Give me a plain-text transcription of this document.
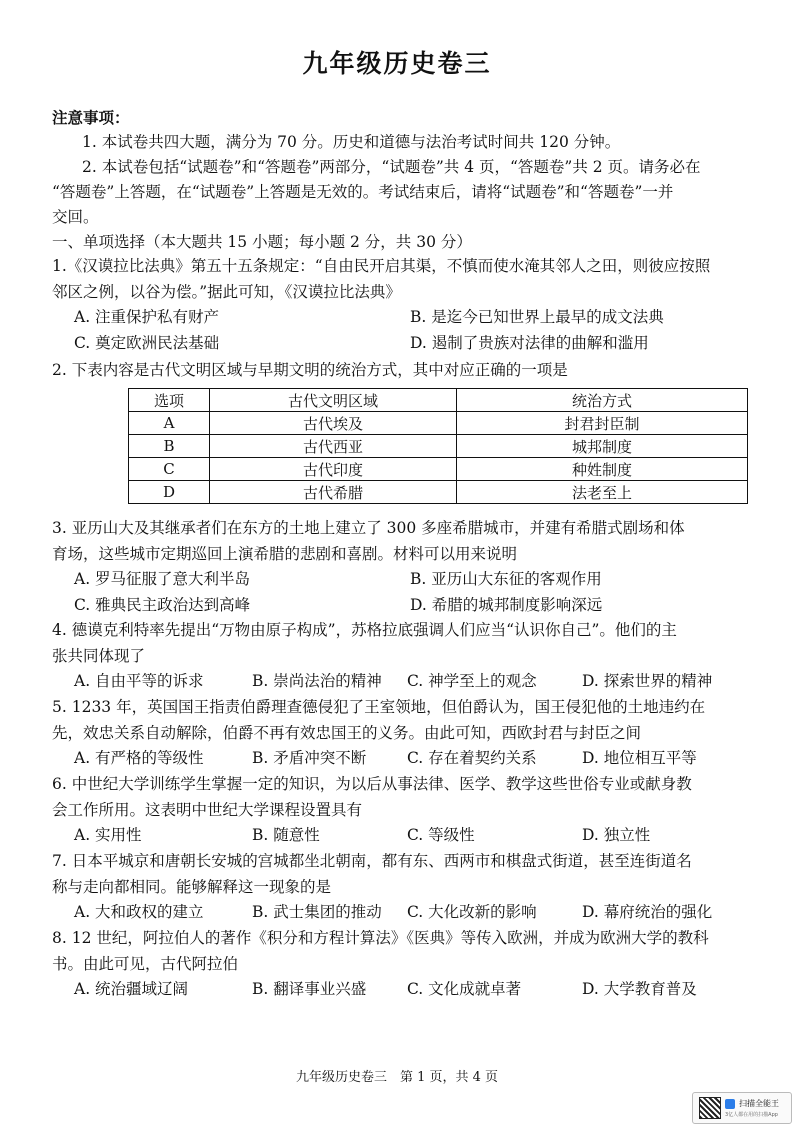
九年级历史卷三
注意事项：
1. 本试卷共四大题，满分为 70 分。历史和道德与法治考试时间共 120 分钟。
2. 本试卷包括“试题卷”和“答题卷”两部分，“试题卷”共 4 页，“答题卷”共 2 页。请务必在
“答题卷”上答题，在“试题卷”上答题是无效的。考试结束后，请将“试题卷”和“答题卷”一并
交回。
一、单项选择（本大题共 15 小题；每小题 2 分，共 30 分）
1.《汉谟拉比法典》第五十五条规定：“自由民开启其渠，不慎而使水淹其邻人之田，则彼应按照
邻区之例，以谷为偿。”据此可知，《汉谟拉比法典》
A. 注重保护私有财产	B. 是迄今已知世界上最早的成文法典
C. 奠定欧洲民法基础	D. 遏制了贵族对法律的曲解和滥用
2. 下表内容是古代文明区域与早期文明的统治方式，其中对应正确的一项是
选项	古代文明区域	统治方式
A	古代埃及	封君封臣制
B	古代西亚	城邦制度
C	古代印度	种姓制度
D	古代希腊	法老至上
3. 亚历山大及其继承者们在东方的土地上建立了 300 多座希腊城市，并建有希腊式剧场和体
育场，这些城市定期巡回上演希腊的悲剧和喜剧。材料可以用来说明
A. 罗马征服了意大利半岛	B. 亚历山大东征的客观作用
C. 雅典民主政治达到高峰	D. 希腊的城邦制度影响深远
4. 德谟克利特率先提出“万物由原子构成”，苏格拉底强调人们应当“认识你自己”。他们的主
张共同体现了
A. 自由平等的诉求	B. 崇尚法治的精神 C. 神学至上的观念	D. 探索世界的精神
5. 1233 年，英国国王指责伯爵理查德侵犯了王室领地，但伯爵认为，国王侵犯他的土地违约在
先，效忠关系自动解除，伯爵不再有效忠国王的义务。由此可知，西欧封君与封臣之间
A. 有严格的等级性	B. 矛盾冲突不断	C. 存在着契约关系	D. 地位相互平等
6. 中世纪大学训练学生掌握一定的知识，为以后从事法律、医学、教学这些世俗专业或献身教
会工作所用。这表明中世纪大学课程设置具有
A. 实用性	B. 随意性	C. 等级性	D. 独立性
7. 日本平城京和唐朝长安城的宫城都坐北朝南，都有东、西两市和棋盘式街道，甚至连街道名
称与走向都相同。能够解释这一现象的是
A. 大和政权的建立	B. 武士集团的推动 C. 大化改新的影响	D. 幕府统治的强化
8. 12 世纪，阿拉伯人的著作《积分和方程计算法》《医典》等传入欧洲，并成为欧洲大学的教科
书。由此可见，古代阿拉伯
A. 统治疆域辽阔	B. 翻译事业兴盛	C. 文化成就卓著	D. 大学教育普及
九年级历史卷三　第 1 页，共 4 页
扫描全能王
3亿人都在用的扫描App
